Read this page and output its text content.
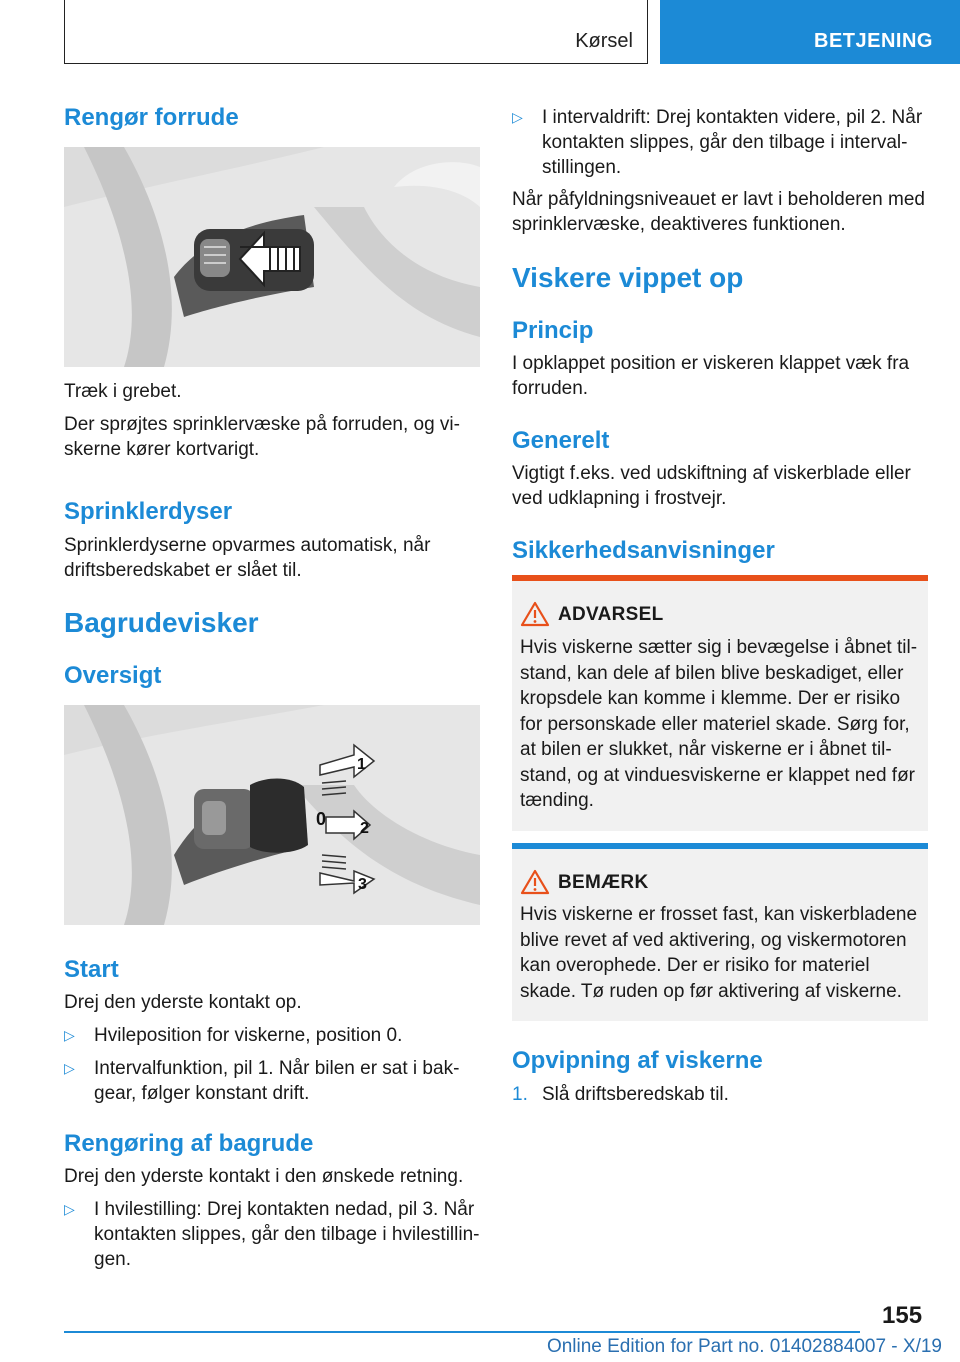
Kørsel	BETJENING
Rengør forrude

Træk i grebet.

Der sprøjtes sprinklervæske på forruden, og vi-skerne kører kortvarigt.

Sprinklerdyser

Sprinklerdyserne opvarmes automatisk, når driftsberedskabet er slået til.

Bagrudevisker
Oversigt
1
0 2
3
Start

Drej den yderste kontakt op.

▷ Hvileposition for viskerne, position 0.
▷ Intervalfunktion, pil 1. Når bilen er sat i bak-gear, følger konstant drift.
Rengøring af bagrude

Drej den yderste kontakt i den ønskede retning.

▷ I hvilestilling: Drej kontakten nedad, pil 3. Når kontakten slippes, går den tilbage i hvilestillin-gen.
▷ I intervaldrift: Drej kontakten videre, pil 2. Når kontakten slippes, går den tilbage i interval-stillingen.

Når påfyldningsniveauet er lavt i beholderen med sprinklervæske, deaktiveres funktionen.

Viskere vippet op
Princip

I opklappet position er viskeren klappet væk fra forruden.

Generelt

Vigtigt f.eks. ved udskiftning af viskerblade eller ved udklapning i frostvejr.

Sikkerhedsanvisninger
ADVARSEL
Hvis viskerne sætter sig i bevægelse i åbnet til-stand, kan dele af bilen blive beskadiget, eller kropsdele kan komme i klemme. Der er risiko for personskade eller materiel skade. Sørg for, at bilen er slukket, når viskerne er i åbnet til-stand, og at vinduesviskerne er klappet ned før tænding.
BEMÆRK
Hvis viskerne er frosset fast, kan viskerbladene blive revet af ved aktivering, og viskermotoren kan overophede. Der er risiko for materiel skade. Tø ruden op før aktivering af viskerne.
Opvipning af viskerne
1. Slå driftsberedskab til.
155
Online Edition for Part no. 01402884007 - X/19
